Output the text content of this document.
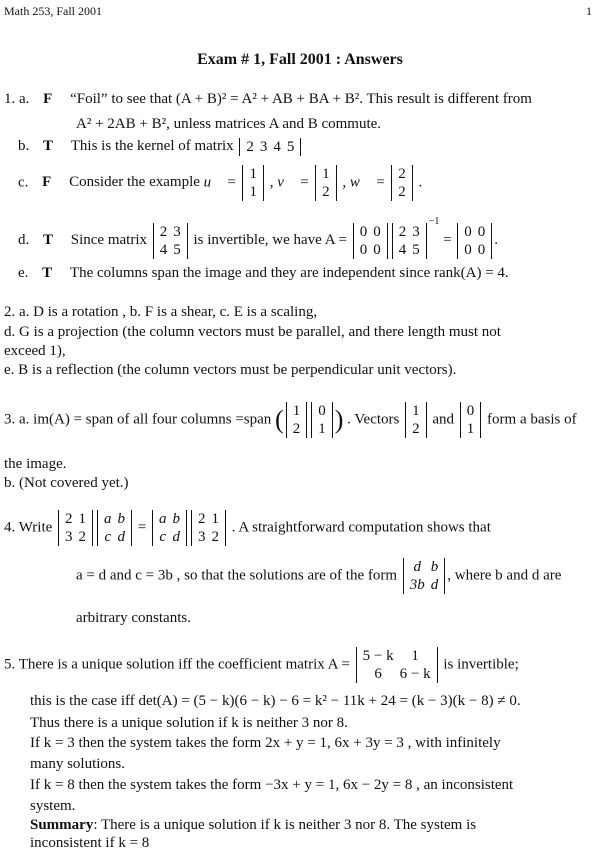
Math 253, Fall 2001	1
Exam # 1, Fall 2001 : Answers
1. a. F “Foil” to see that (A + B)² = A² + AB + BA + B². This result is different from
A² + 2AB + B², unless matrices A and B commute.
b. T This is the kernel of matrix 2 3 4 5
c. F Consider the example u⃗ =
1
1
, v⃗ =
1
2
, w⃗ =
2
2
.
d. T Since matrix
2
4
3
5
is invertible, we have A =
0
0
0
0
2
4
3
5
$^{-1}$ =
0
0
0
0
.
e. T The columns span the image and they are independent since rank(A) = 4.
2. a. D is a rotation , b. F is a shear, c. E is a scaling,
d. G is a projection (the column vectors must be parallel, and there length must not
exceed 1),
e. B is a reflection (the column vectors must be perpendicular unit vectors).
3. a. im(A) = span of all four columns =span ( 1
2
0
1 ) . Vectors
1
2
and
0
1
form a basis of
the image.
b. (Not covered yet.)
4. Write
2
3
1
2
a
c
b
d
=
a
c
b
d
2
3
1
2
. A straightforward computation shows that
a = d and c = 3b , so that the solutions are of the form
d
3b
b
d
, where b and d are
arbitrary constants.
5. There is a unique solution iff the coefficient matrix A =
5 − k
6
1
6 − k
is invertible;
this is the case iff det(A) = (5 − k)(6 − k) − 6 = k² − 11k + 24 = (k − 3)(k − 8) ≠ 0.
Thus there is a unique solution if k is neither 3 nor 8.
If k = 3 then the system takes the form 2x + y = 1, 6x + 3y = 3 , with infinitely
many solutions.
If k = 8 then the system takes the form −3x + y = 1, 6x − 2y = 8 , an inconsistent
system.
Summary: There is a unique solution if k is neither 3 nor 8. The system is
inconsistent if k = 8
